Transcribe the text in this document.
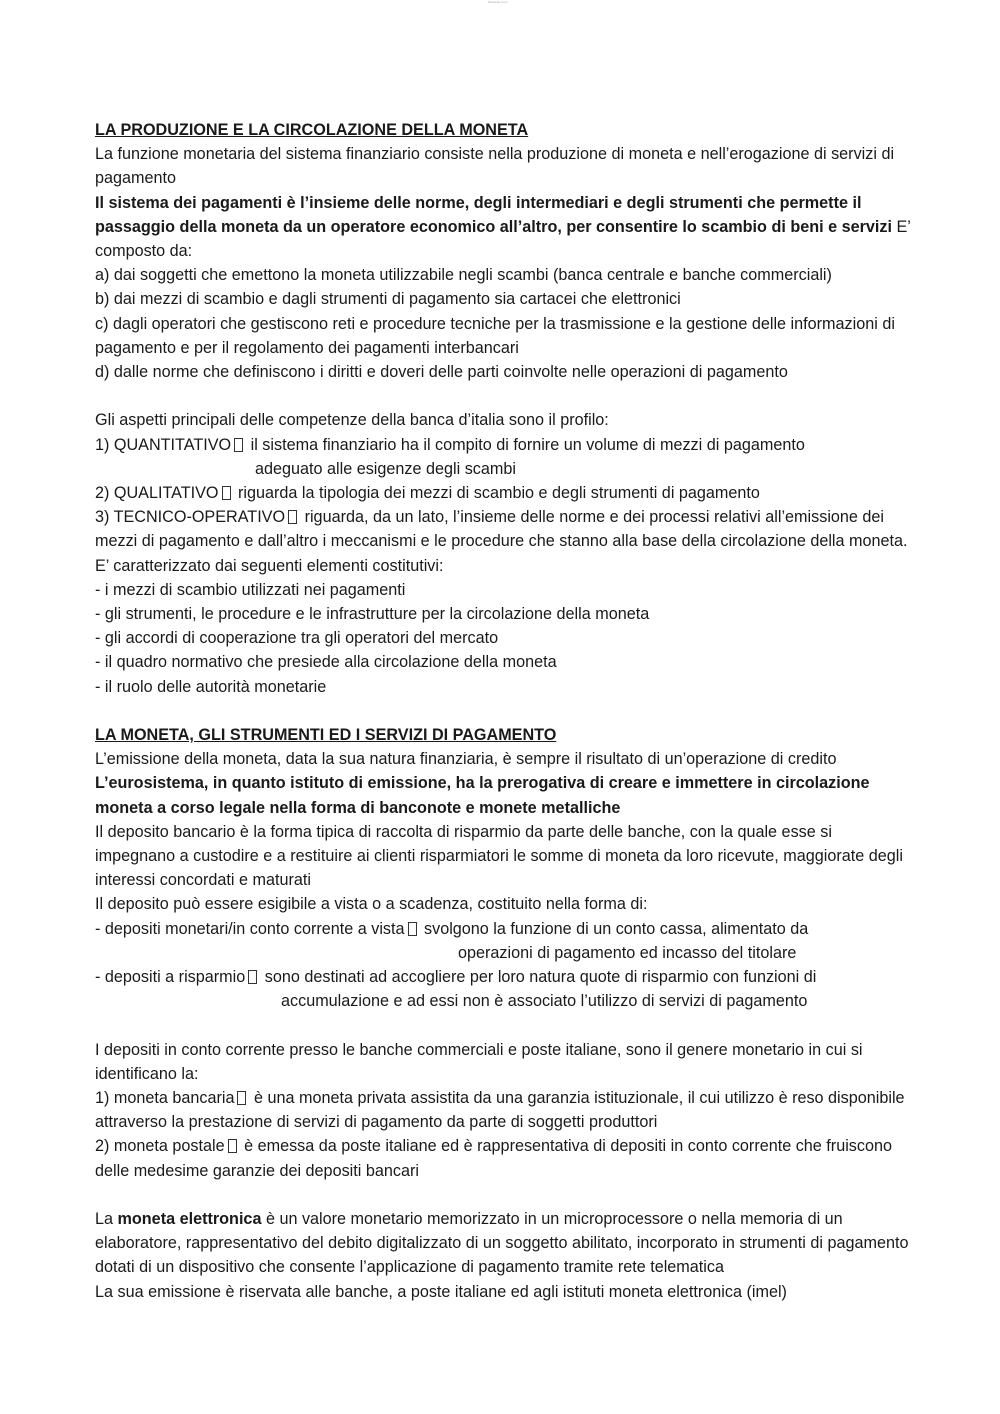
Studocu.com

LA PRODUZIONE E LA CIRCOLAZIONE DELLA MONETA

La funzione monetaria del sistema finanziario consiste nella produzione di moneta e nell’erogazione di servizi di pagamento

Il sistema dei pagamenti è l’insieme delle norme, degli intermediari e degli strumenti che permette il passaggio della moneta da un operatore economico all’altro, per consentire lo scambio di beni e servizi E’ composto da:

a) dai soggetti che emettono la moneta utilizzabile negli scambi (banca centrale e banche commerciali)

b) dai mezzi di scambio e dagli strumenti di pagamento sia cartacei che elettronici

c) dagli operatori che gestiscono reti e procedure tecniche per la trasmissione e la gestione delle informazioni di pagamento e per il regolamento dei pagamenti interbancari

d) dalle norme che definiscono i diritti e doveri delle parti coinvolte nelle operazioni di pagamento

Gli aspetti principali delle competenze della banca d’italia sono il profilo:

1) QUANTITATIVO il sistema finanziario ha il compito di fornire un volume di mezzi di pagamento

adeguato alle esigenze degli scambi

2) QUALITATIVO riguarda la tipologia dei mezzi di scambio e degli strumenti di pagamento

3) TECNICO-OPERATIVO riguarda, da un lato, l’insieme delle norme e dei processi relativi all’emissione dei mezzi di pagamento e dall’altro i meccanismi e le procedure che stanno alla base della circolazione della moneta. E’ caratterizzato dai seguenti elementi costitutivi:

- i mezzi di scambio utilizzati nei pagamenti

- gli strumenti, le procedure e le infrastrutture per la circolazione della moneta

- gli accordi di cooperazione tra gli operatori del mercato

- il quadro normativo che presiede alla circolazione della moneta

- il ruolo delle autorità monetarie

LA MONETA, GLI STRUMENTI ED I SERVIZI DI PAGAMENTO

L’emissione della moneta, data la sua natura finanziaria, è sempre il risultato di un’operazione di credito

L’eurosistema, in quanto istituto di emissione, ha la prerogativa di creare e immettere in circolazione moneta a corso legale nella forma di banconote e monete metalliche

Il deposito bancario è la forma tipica di raccolta di risparmio da parte delle banche, con la quale esse si impegnano a custodire e a restituire ai clienti risparmiatori le somme di moneta da loro ricevute, maggiorate degli interessi concordati e maturati

Il deposito può essere esigibile a vista o a scadenza, costituito nella forma di:

- depositi monetari/in conto corrente a vista svolgono la funzione di un conto cassa, alimentato da

operazioni di pagamento ed incasso del titolare

- depositi a risparmio sono destinati ad accogliere per loro natura quote di risparmio con funzioni di

accumulazione e ad essi non è associato l’utilizzo di servizi di pagamento

I depositi in conto corrente presso le banche commerciali e poste italiane, sono il genere monetario in cui si identificano la:

1) moneta bancaria è una moneta privata assistita da una garanzia istituzionale, il cui utilizzo è reso disponibile attraverso la prestazione di servizi di pagamento da parte di soggetti produttori

2) moneta postale è emessa da poste italiane ed è rappresentativa di depositi in conto corrente che fruiscono delle medesime garanzie dei depositi bancari

La moneta elettronica è un valore monetario memorizzato in un microprocessore o nella memoria di un elaboratore, rappresentativo del debito digitalizzato di un soggetto abilitato, incorporato in strumenti di pagamento dotati di un dispositivo che consente l’applicazione di pagamento tramite rete telematica

La sua emissione è riservata alle banche, a poste italiane ed agli istituti moneta elettronica (imel)
